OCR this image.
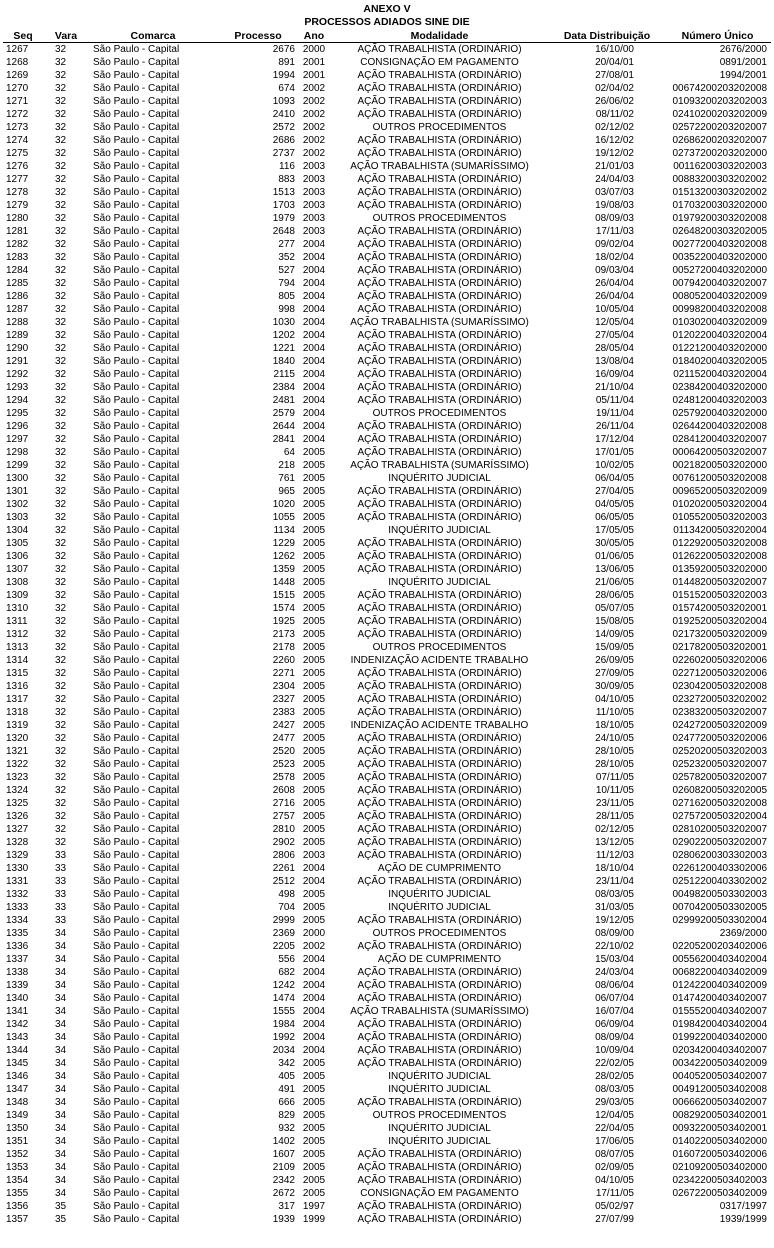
ANEXO V
PROCESSOS ADIADOS SINE DIE
Seq	Vara	Comarca	Processo	Ano	Modalidade	Data Distribuição	Número Único
1267	32	São Paulo - Capital	2676	2000	AÇÃO TRABALHISTA (ORDINÁRIO)	16/10/00	2676/2000
1268	32	São Paulo - Capital	891	2001	CONSIGNAÇÃO EM PAGAMENTO	20/04/01	0891/2001
1269	32	São Paulo - Capital	1994	2001	AÇÃO TRABALHISTA (ORDINÁRIO)	27/08/01	1994/2001
1270	32	São Paulo - Capital	674	2002	AÇÃO TRABALHISTA (ORDINÁRIO)	02/04/02	00674200203202008
1271	32	São Paulo - Capital	1093	2002	AÇÃO TRABALHISTA (ORDINÁRIO)	26/06/02	01093200203202003
1272	32	São Paulo - Capital	2410	2002	AÇÃO TRABALHISTA (ORDINÁRIO)	08/11/02	02410200203202009
1273	32	São Paulo - Capital	2572	2002	OUTROS PROCEDIMENTOS	02/12/02	02572200203202007
1274	32	São Paulo - Capital	2686	2002	AÇÃO TRABALHISTA (ORDINÁRIO)	16/12/02	02686200203202007
1275	32	São Paulo - Capital	2737	2002	AÇÃO TRABALHISTA (ORDINÁRIO)	19/12/02	02737200203202000
1276	32	São Paulo - Capital	116	2003	AÇÃO TRABALHISTA (SUMARÍSSIMO)	21/01/03	00116200303202003
1277	32	São Paulo - Capital	883	2003	AÇÃO TRABALHISTA (ORDINÁRIO)	24/04/03	00883200303202002
1278	32	São Paulo - Capital	1513	2003	AÇÃO TRABALHISTA (ORDINÁRIO)	03/07/03	01513200303202002
1279	32	São Paulo - Capital	1703	2003	AÇÃO TRABALHISTA (ORDINÁRIO)	19/08/03	01703200303202000
1280	32	São Paulo - Capital	1979	2003	OUTROS PROCEDIMENTOS	08/09/03	01979200303202008
1281	32	São Paulo - Capital	2648	2003	AÇÃO TRABALHISTA (ORDINÁRIO)	17/11/03	02648200303202005
1282	32	São Paulo - Capital	277	2004	AÇÃO TRABALHISTA (ORDINÁRIO)	09/02/04	00277200403202008
1283	32	São Paulo - Capital	352	2004	AÇÃO TRABALHISTA (ORDINÁRIO)	18/02/04	00352200403202000
1284	32	São Paulo - Capital	527	2004	AÇÃO TRABALHISTA (ORDINÁRIO)	09/03/04	00527200403202000
1285	32	São Paulo - Capital	794	2004	AÇÃO TRABALHISTA (ORDINÁRIO)	26/04/04	00794200403202007
1286	32	São Paulo - Capital	805	2004	AÇÃO TRABALHISTA (ORDINÁRIO)	26/04/04	00805200403202009
1287	32	São Paulo - Capital	998	2004	AÇÃO TRABALHISTA (ORDINÁRIO)	10/05/04	00998200403202008
1288	32	São Paulo - Capital	1030	2004	AÇÃO TRABALHISTA (SUMARÍSSIMO)	12/05/04	01030200403202009
1289	32	São Paulo - Capital	1202	2004	AÇÃO TRABALHISTA (ORDINÁRIO)	27/05/04	01202200403202004
1290	32	São Paulo - Capital	1221	2004	AÇÃO TRABALHISTA (ORDINÁRIO)	28/05/04	01221200403202000
1291	32	São Paulo - Capital	1840	2004	AÇÃO TRABALHISTA (ORDINÁRIO)	13/08/04	01840200403202005
1292	32	São Paulo - Capital	2115	2004	AÇÃO TRABALHISTA (ORDINÁRIO)	16/09/04	02115200403202004
1293	32	São Paulo - Capital	2384	2004	AÇÃO TRABALHISTA (ORDINÁRIO)	21/10/04	02384200403202000
1294	32	São Paulo - Capital	2481	2004	AÇÃO TRABALHISTA (ORDINÁRIO)	05/11/04	02481200403202003
1295	32	São Paulo - Capital	2579	2004	OUTROS PROCEDIMENTOS	19/11/04	02579200403202000
1296	32	São Paulo - Capital	2644	2004	AÇÃO TRABALHISTA (ORDINÁRIO)	26/11/04	02644200403202008
1297	32	São Paulo - Capital	2841	2004	AÇÃO TRABALHISTA (ORDINÁRIO)	17/12/04	02841200403202007
1298	32	São Paulo - Capital	64	2005	AÇÃO TRABALHISTA (ORDINÁRIO)	17/01/05	00064200503202007
1299	32	São Paulo - Capital	218	2005	AÇÃO TRABALHISTA (SUMARÍSSIMO)	10/02/05	00218200503202000
1300	32	São Paulo - Capital	761	2005	INQUÉRITO JUDICIAL	06/04/05	00761200503202008
1301	32	São Paulo - Capital	965	2005	AÇÃO TRABALHISTA (ORDINÁRIO)	27/04/05	00965200503202009
1302	32	São Paulo - Capital	1020	2005	AÇÃO TRABALHISTA (ORDINÁRIO)	04/05/05	01020200503202004
1303	32	São Paulo - Capital	1055	2005	AÇÃO TRABALHISTA (ORDINÁRIO)	06/05/05	01055200503202003
1304	32	São Paulo - Capital	1134	2005	INQUÉRITO JUDICIAL	17/05/05	01134200503202004
1305	32	São Paulo - Capital	1229	2005	AÇÃO TRABALHISTA (ORDINÁRIO)	30/05/05	01229200503202008
1306	32	São Paulo - Capital	1262	2005	AÇÃO TRABALHISTA (ORDINÁRIO)	01/06/05	01262200503202008
1307	32	São Paulo - Capital	1359	2005	AÇÃO TRABALHISTA (ORDINÁRIO)	13/06/05	01359200503202000
1308	32	São Paulo - Capital	1448	2005	INQUÉRITO JUDICIAL	21/06/05	01448200503202007
1309	32	São Paulo - Capital	1515	2005	AÇÃO TRABALHISTA (ORDINÁRIO)	28/06/05	01515200503202003
1310	32	São Paulo - Capital	1574	2005	AÇÃO TRABALHISTA (ORDINÁRIO)	05/07/05	01574200503202001
1311	32	São Paulo - Capital	1925	2005	AÇÃO TRABALHISTA (ORDINÁRIO)	15/08/05	01925200503202004
1312	32	São Paulo - Capital	2173	2005	AÇÃO TRABALHISTA (ORDINÁRIO)	14/09/05	02173200503202009
1313	32	São Paulo - Capital	2178	2005	OUTROS PROCEDIMENTOS	15/09/05	02178200503202001
1314	32	São Paulo - Capital	2260	2005	INDENIZAÇÃO ACIDENTE TRABALHO	26/09/05	02260200503202006
1315	32	São Paulo - Capital	2271	2005	AÇÃO TRABALHISTA (ORDINÁRIO)	27/09/05	02271200503202006
1316	32	São Paulo - Capital	2304	2005	AÇÃO TRABALHISTA (ORDINÁRIO)	30/09/05	02304200503202008
1317	32	São Paulo - Capital	2327	2005	AÇÃO TRABALHISTA (ORDINÁRIO)	04/10/05	02327200503202002
1318	32	São Paulo - Capital	2383	2005	AÇÃO TRABALHISTA (ORDINÁRIO)	11/10/05	02383200503202007
1319	32	São Paulo - Capital	2427	2005	INDENIZAÇÃO ACIDENTE TRABALHO	18/10/05	02427200503202009
1320	32	São Paulo - Capital	2477	2005	AÇÃO TRABALHISTA (ORDINÁRIO)	24/10/05	02477200503202006
1321	32	São Paulo - Capital	2520	2005	AÇÃO TRABALHISTA (ORDINÁRIO)	28/10/05	02520200503202003
1322	32	São Paulo - Capital	2523	2005	AÇÃO TRABALHISTA (ORDINÁRIO)	28/10/05	02523200503202007
1323	32	São Paulo - Capital	2578	2005	AÇÃO TRABALHISTA (ORDINÁRIO)	07/11/05	02578200503202007
1324	32	São Paulo - Capital	2608	2005	AÇÃO TRABALHISTA (ORDINÁRIO)	10/11/05	02608200503202005
1325	32	São Paulo - Capital	2716	2005	AÇÃO TRABALHISTA (ORDINÁRIO)	23/11/05	02716200503202008
1326	32	São Paulo - Capital	2757	2005	AÇÃO TRABALHISTA (ORDINÁRIO)	28/11/05	02757200503202004
1327	32	São Paulo - Capital	2810	2005	AÇÃO TRABALHISTA (ORDINÁRIO)	02/12/05	02810200503202007
1328	32	São Paulo - Capital	2902	2005	AÇÃO TRABALHISTA (ORDINÁRIO)	13/12/05	02902200503202007
1329	33	São Paulo - Capital	2806	2003	AÇÃO TRABALHISTA (ORDINÁRIO)	11/12/03	02806200303302003
1330	33	São Paulo - Capital	2261	2004	AÇÃO DE CUMPRIMENTO	18/10/04	02261200403302006
1331	33	São Paulo - Capital	2512	2004	AÇÃO TRABALHISTA (ORDINÁRIO)	23/11/04	02512200403302002
1332	33	São Paulo - Capital	498	2005	INQUÉRITO JUDICIAL	08/03/05	00498200503302003
1333	33	São Paulo - Capital	704	2005	INQUÉRITO JUDICIAL	31/03/05	00704200503302005
1334	33	São Paulo - Capital	2999	2005	AÇÃO TRABALHISTA (ORDINÁRIO)	19/12/05	02999200503302004
1335	34	São Paulo - Capital	2369	2000	OUTROS PROCEDIMENTOS	08/09/00	2369/2000
1336	34	São Paulo - Capital	2205	2002	AÇÃO TRABALHISTA (ORDINÁRIO)	22/10/02	02205200203402006
1337	34	São Paulo - Capital	556	2004	AÇÃO DE CUMPRIMENTO	15/03/04	00556200403402004
1338	34	São Paulo - Capital	682	2004	AÇÃO TRABALHISTA (ORDINÁRIO)	24/03/04	00682200403402009
1339	34	São Paulo - Capital	1242	2004	AÇÃO TRABALHISTA (ORDINÁRIO)	08/06/04	01242200403402009
1340	34	São Paulo - Capital	1474	2004	AÇÃO TRABALHISTA (ORDINÁRIO)	06/07/04	01474200403402007
1341	34	São Paulo - Capital	1555	2004	AÇÃO TRABALHISTA (SUMARÍSSIMO)	16/07/04	01555200403402007
1342	34	São Paulo - Capital	1984	2004	AÇÃO TRABALHISTA (ORDINÁRIO)	06/09/04	01984200403402004
1343	34	São Paulo - Capital	1992	2004	AÇÃO TRABALHISTA (ORDINÁRIO)	08/09/04	01992200403402000
1344	34	São Paulo - Capital	2034	2004	AÇÃO TRABALHISTA (ORDINÁRIO)	10/09/04	02034200403402007
1345	34	São Paulo - Capital	342	2005	AÇÃO TRABALHISTA (ORDINÁRIO)	22/02/05	00342200503402009
1346	34	São Paulo - Capital	405	2005	INQUÉRITO JUDICIAL	28/02/05	00405200503402007
1347	34	São Paulo - Capital	491	2005	INQUÉRITO JUDICIAL	08/03/05	00491200503402008
1348	34	São Paulo - Capital	666	2005	AÇÃO TRABALHISTA (ORDINÁRIO)	29/03/05	00666200503402007
1349	34	São Paulo - Capital	829	2005	OUTROS PROCEDIMENTOS	12/04/05	00829200503402001
1350	34	São Paulo - Capital	932	2005	INQUÉRITO JUDICIAL	22/04/05	00932200503402001
1351	34	São Paulo - Capital	1402	2005	INQUÉRITO JUDICIAL	17/06/05	01402200503402000
1352	34	São Paulo - Capital	1607	2005	AÇÃO TRABALHISTA (ORDINÁRIO)	08/07/05	01607200503402006
1353	34	São Paulo - Capital	2109	2005	AÇÃO TRABALHISTA (ORDINÁRIO)	02/09/05	02109200503402000
1354	34	São Paulo - Capital	2342	2005	AÇÃO TRABALHISTA (ORDINÁRIO)	04/10/05	02342200503402003
1355	34	São Paulo - Capital	2672	2005	CONSIGNAÇÃO EM PAGAMENTO	17/11/05	02672200503402009
1356	35	São Paulo - Capital	317	1997	AÇÃO TRABALHISTA (ORDINÁRIO)	05/02/97	0317/1997
1357	35	São Paulo - Capital	1939	1999	AÇÃO TRABALHISTA (ORDINÁRIO)	27/07/99	1939/1999
